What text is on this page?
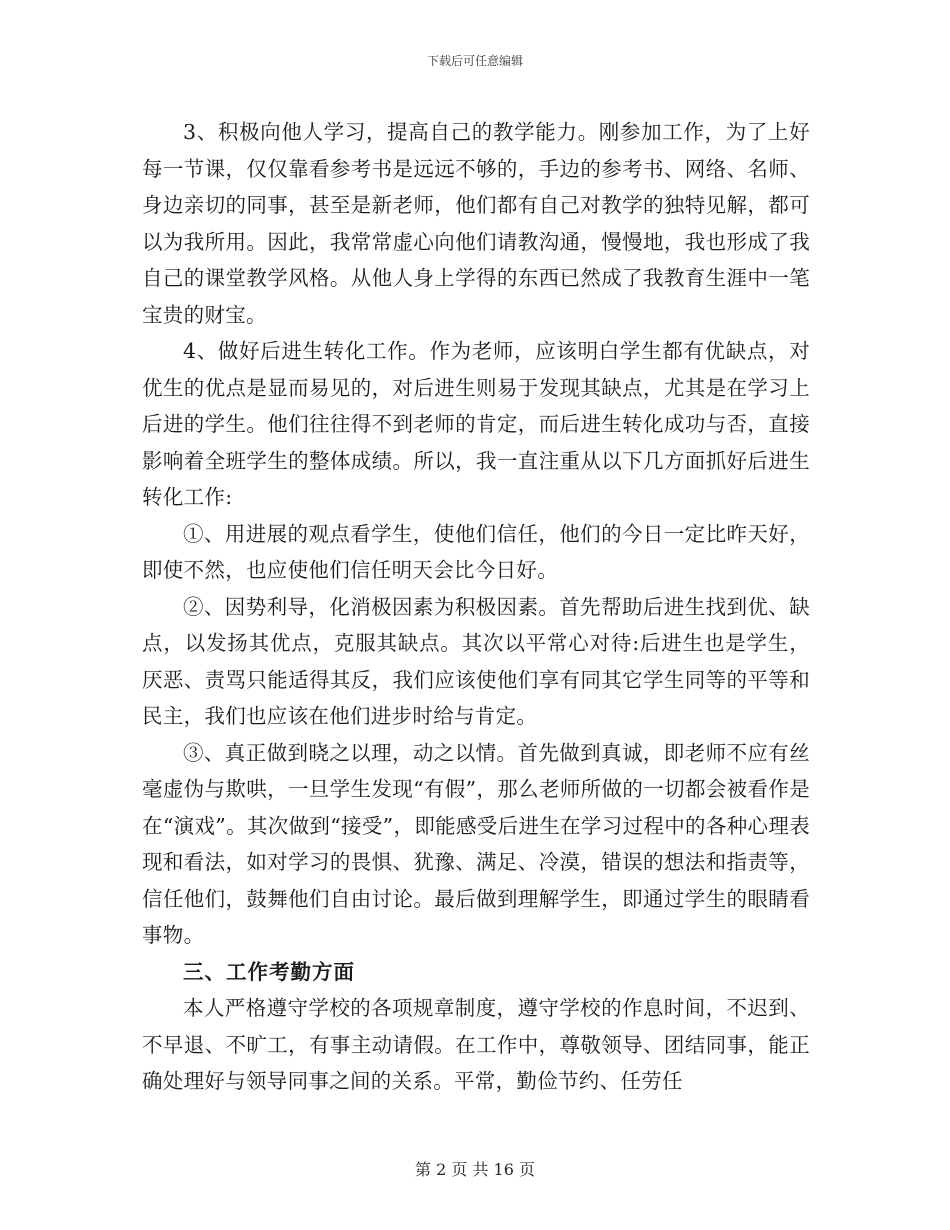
下载后可任意编辑

3、积极向他人学习，提高自己的教学能力。刚参加工作，为了上好每一节课，仅仅靠看参考书是远远不够的，手边的参考书、网络、名师、身边亲切的同事，甚至是新老师，他们都有自己对教学的独特见解，都可以为我所用。因此，我常常虚心向他们请教沟通，慢慢地，我也形成了我自己的课堂教学风格。从他人身上学得的东西已然成了我教育生涯中一笔宝贵的财宝。

4、做好后进生转化工作。作为老师，应该明白学生都有优缺点，对优生的优点是显而易见的，对后进生则易于发现其缺点，尤其是在学习上后进的学生。他们往往得不到老师的肯定，而后进生转化成功与否，直接影响着全班学生的整体成绩。所以，我一直注重从以下几方面抓好后进生转化工作:

①、用进展的观点看学生，使他们信任，他们的今日一定比昨天好，即使不然，也应使他们信任明天会比今日好。

②、因势利导，化消极因素为积极因素。首先帮助后进生找到优、缺点，以发扬其优点，克服其缺点。其次以平常心对待:后进生也是学生，厌恶、责骂只能适得其反，我们应该使他们享有同其它学生同等的平等和民主，我们也应该在他们进步时给与肯定。

③、真正做到晓之以理，动之以情。首先做到真诚，即老师不应有丝毫虚伪与欺哄，一旦学生发现“有假”，那么老师所做的一切都会被看作是在“演戏”。其次做到“接受”，即能感受后进生在学习过程中的各种心理表现和看法，如对学习的畏惧、犹豫、满足、冷漠，错误的想法和指责等，信任他们，鼓舞他们自由讨论。最后做到理解学生，即通过学生的眼睛看事物。

三、工作考勤方面

本人严格遵守学校的各项规章制度，遵守学校的作息时间，不迟到、不早退、不旷工，有事主动请假。在工作中，尊敬领导、团结同事，能正确处理好与领导同事之间的关系。平常，勤俭节约、任劳任

第 2 页 共 16 页
